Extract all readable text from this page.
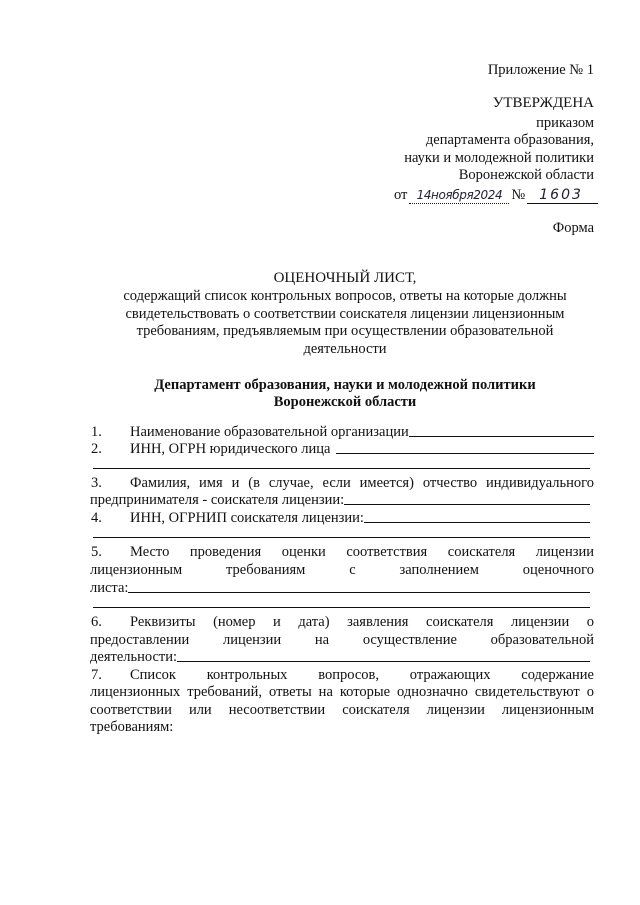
Приложение № 1
УТВЕРЖДЕНА
приказом
департамента образования,
науки и молодежной политики
Воронежской области
от 14ноября2024 №	1603
Форма
ОЦЕНОЧНЫЙ ЛИСТ,
содержащий список контрольных вопросов, ответы на которые должны
свидетельствовать о соответствии соискателя лицензии лицензионным
требованиям, предъявляемым при осуществлении образовательной
деятельности
Департамент образования, науки и молодежной политики
Воронежской области
1. Наименование образовательной организации
2. ИНН, ОГРН юридического лица
3. Фамилия, имя и (в случае, если имеется) отчество индивидуального
предпринимателя - соискателя лицензии:
4. ИНН, ОГРНИП соискателя лицензии:
5. Место проведения оценки соответствия соискателя лицензии
лицензионным требованиям с заполнением оценочного
листа:
6. Реквизиты (номер и дата) заявления соискателя лицензии о
предоставлении лицензии на осуществление образовательной
деятельности:
7. Список контрольных вопросов, отражающих содержание
лицензионных требований, ответы на которые однозначно свидетельствуют о
соответствии или несоответствии соискателя лицензии лицензионным
требованиям:
